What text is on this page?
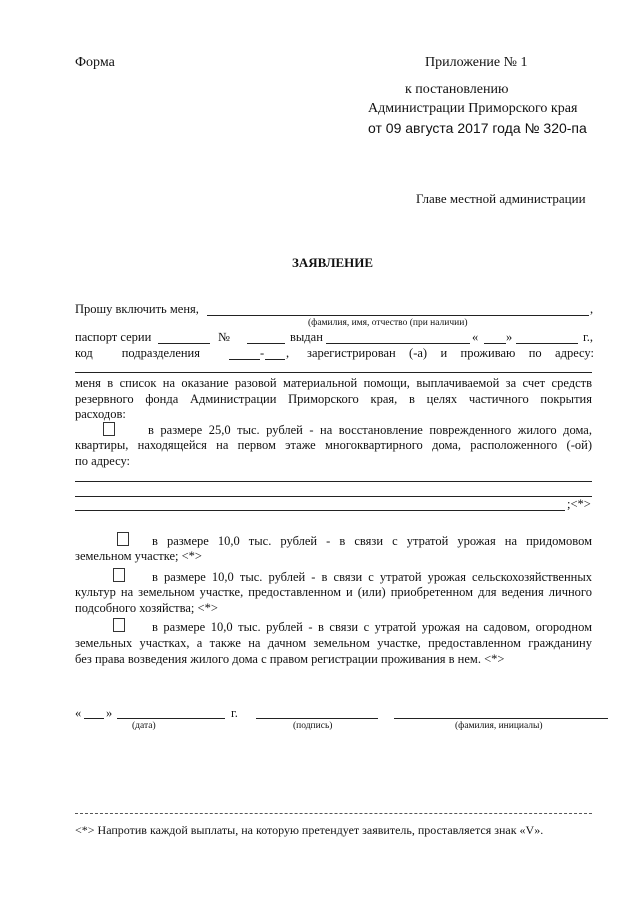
Форма	Приложение № 1
к постановлению
Администрации Приморского края
от 09 августа 2017 года № 320-па
Главе местной администрации
ЗАЯВЛЕНИЕ
Прошу включить меня,	,
(фамилия, имя, отчество (при наличии)
паспорт серии	№	выдан	« »	г.,
код подразделения	- , зарегистрирован (-а) и проживаю по адресу:
меня в список на оказание разовой материальной помощи, выплачиваемой за счет средств
резервного фонда Администрации Приморского края, в целях частичного покрытия
расходов:
в размере 25,0 тыс. рублей - на восстановление поврежденного жилого дома,
квартиры, находящейся на первом этаже многоквартирного дома, расположенного (-ой)
по адресу:
;<*>
в размере 10,0 тыс. рублей - в связи с утратой урожая на придомовом
земельном участке; <*>
в размере 10,0 тыс. рублей - в связи с утратой урожая сельскохозяйственных
культур на земельном участке, предоставленном и (или) приобретенном для ведения личного
подсобного хозяйства; <*>
в размере 10,0 тыс. рублей - в связи с утратой урожая на садовом, огородном
земельных участках, а также на дачном земельном участке, предоставленном гражданину
без права возведения жилого дома с правом регистрации проживания в нем. <*>
« »	г.
(дата)	(подпись)	(фамилия, инициалы)
<*> Напротив каждой выплаты, на которую претендует заявитель, проставляется знак «V».
